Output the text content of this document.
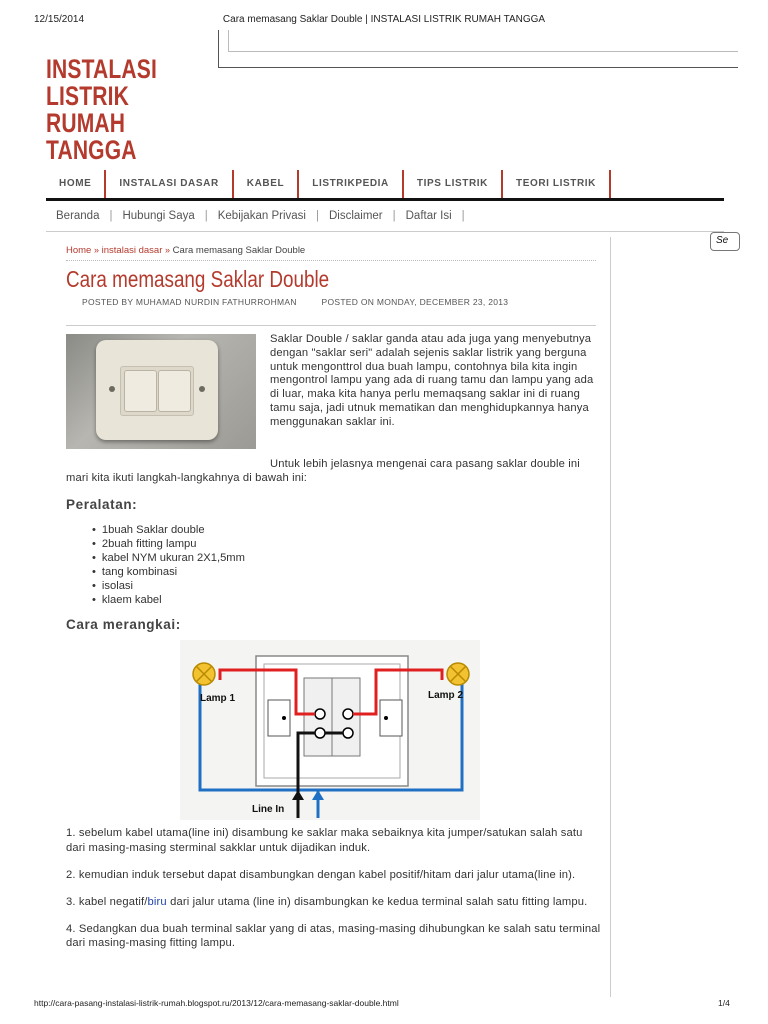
12/15/2014	Cara memasang Saklar Double | INSTALASI LISTRIK RUMAH TANGGA
INSTALASI
LISTRIK
RUMAH
TANGGA
HOME	INSTALASI DASAR	KABEL	LISTRIKPEDIA	TIPS LISTRIK	TEORI LISTRIK
Beranda | Hubungi Saya | Kebijakan Privasi | Disclaimer | Daftar Isi |
Se
Home » instalasi dasar » Cara memasang Saklar Double
Cara memasang Saklar Double
POSTED BY MUHAMAD NURDIN FATHURROHMAN	POSTED ON MONDAY, DECEMBER 23, 2013
Saklar Double / saklar ganda atau ada juga yang menyebutnya dengan "saklar seri" adalah sejenis saklar listrik yang berguna untuk mengonttrol dua buah lampu, contohnya bila kita ingin mengontrol lampu yang ada di ruang tamu dan lampu yang ada di luar, maka kita hanya perlu memaqsang saklar ini di ruang tamu saja, jadi utnuk mematikan dan menghidupkannya hanya menggunakan saklar ini.
Untuk lebih jelasnya mengenai cara pasang saklar double ini mari kita ikuti langkah-langkahnya di bawah ini:
Peralatan:
• 1buah Saklar double
• 2buah fitting lampu
• kabel NYM ukuran 2X1,5mm
• tang kombinasi
• isolasi
• klaem kabel
Cara merangkai:
Lamp 1	Lamp 2
Line In

1. sebelum kabel utama(line ini) disambung ke saklar maka sebaiknya kita jumper/satukan salah satu dari masing-masing sterminal sakklar untuk dijadikan induk.

2. kemudian induk tersebut dapat disambungkan dengan kabel positif/hitam dari jalur utama(line in).

3. kabel negatif/biru dari jalur utama (line in) disambungkan ke kedua terminal salah satu fitting lampu.

4. Sedangkan dua buah terminal saklar yang di atas, masing-masing dihubungkan ke salah satu terminal dari masing-masing fitting lampu.

http://cara-pasang-instalasi-listrik-rumah.blogspot.ru/2013/12/cara-memasang-saklar-double.html	1/4
